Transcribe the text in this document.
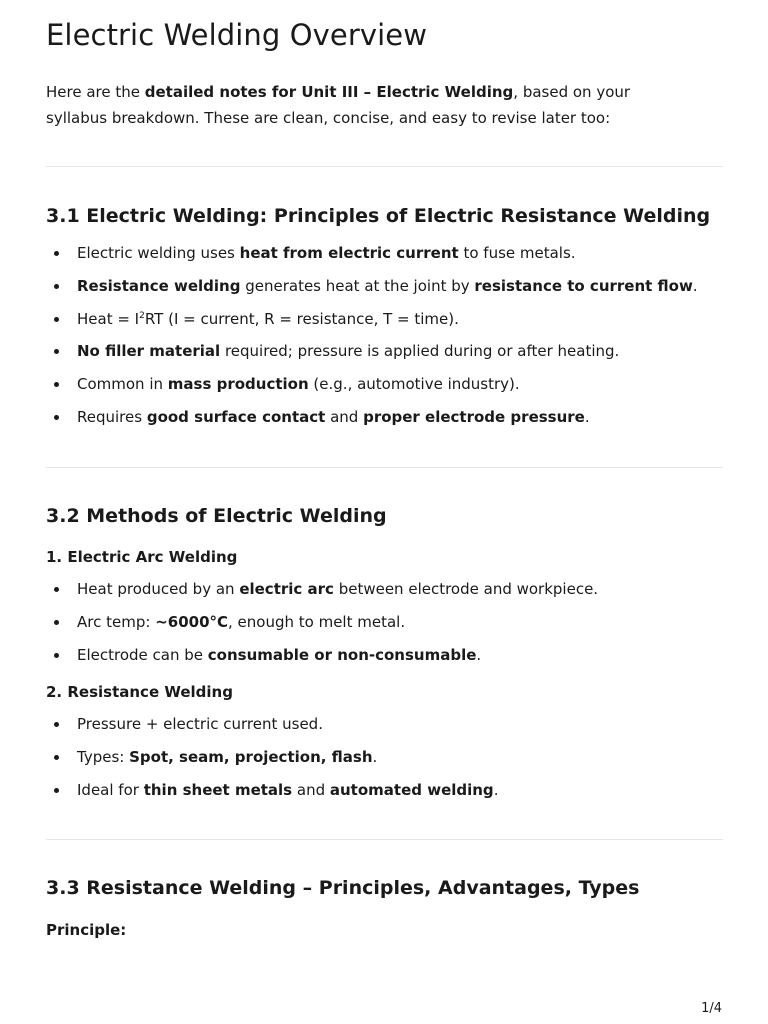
Electric Welding Overview

Here are the detailed notes for Unit III – Electric Welding, based on your syllabus breakdown. These are clean, concise, and easy to revise later too:

3.1 Electric Welding: Principles of Electric Resistance Welding
Electric welding uses heat from electric current to fuse metals.
Resistance welding generates heat at the joint by resistance to current flow.
Heat = $I^2RT$ (I = current, R = resistance, T = time).
No filler material required; pressure is applied during or after heating.
Common in mass production (e.g., automotive industry).
Requires good surface contact and proper electrode pressure.
3.2 Methods of Electric Welding
1. Electric Arc Welding
Heat produced by an electric arc between electrode and workpiece.
Arc temp: ~6000°C, enough to melt metal.
Electrode can be consumable or non-consumable.
2. Resistance Welding
Pressure + electric current used.
Types: Spot, seam, projection, flash.
Ideal for thin sheet metals and automated welding.
3.3 Resistance Welding – Principles, Advantages, Types
Principle:
1/4
